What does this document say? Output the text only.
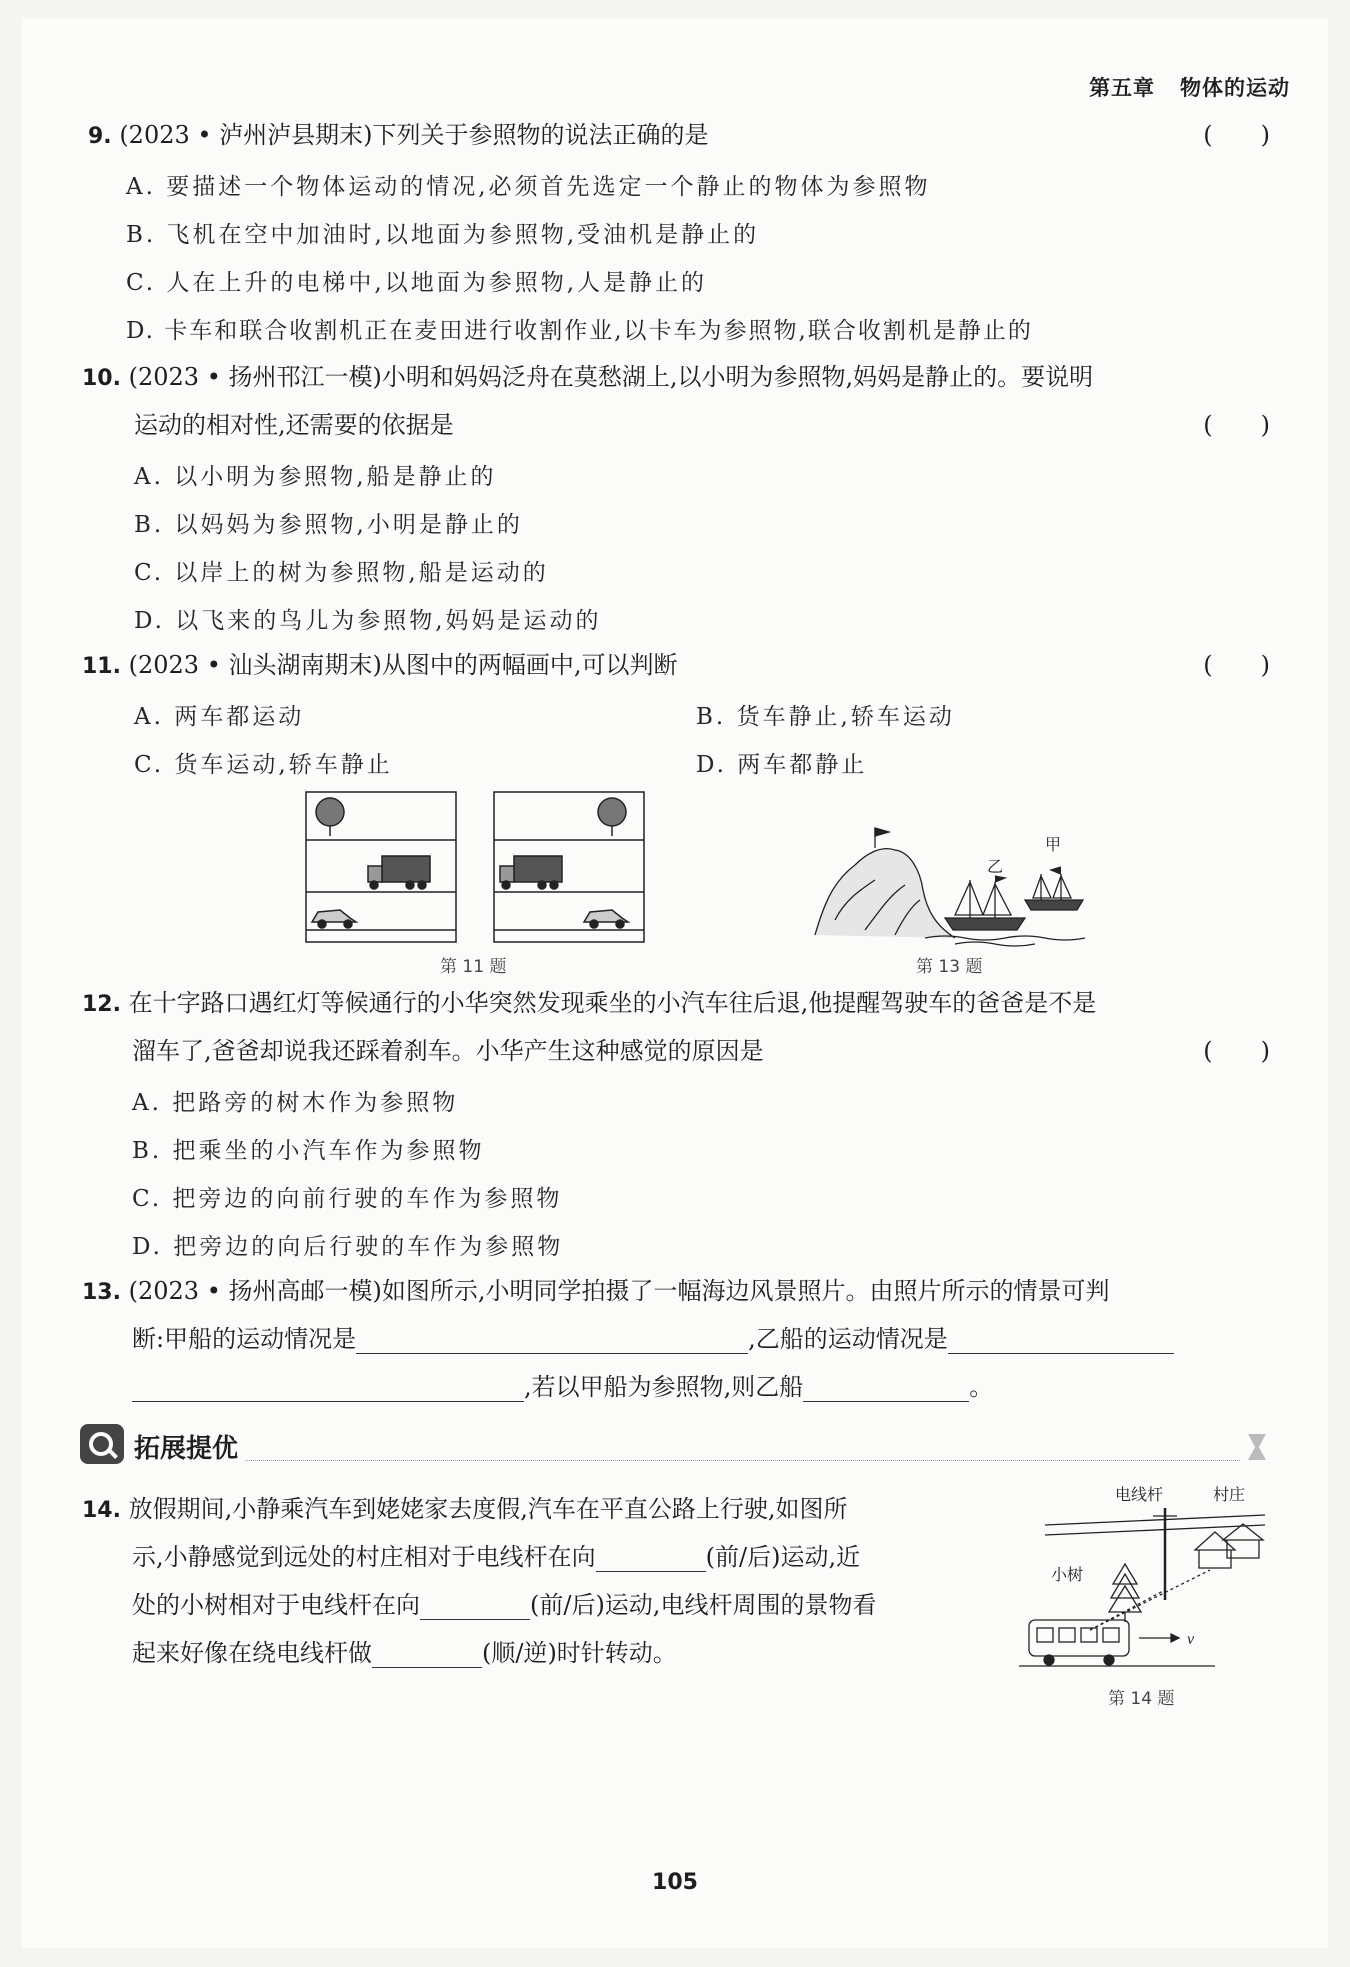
第五章 物体的运动
9. (2023 • 泸州泸县期末)下列关于参照物的说法正确的是	(　　)
A. 要描述一个物体运动的情况,必须首先选定一个静止的物体为参照物
B. 飞机在空中加油时,以地面为参照物,受油机是静止的
C. 人在上升的电梯中,以地面为参照物,人是静止的
D. 卡车和联合收割机正在麦田进行收割作业,以卡车为参照物,联合收割机是静止的
10. (2023 • 扬州邗江一模)小明和妈妈泛舟在莫愁湖上,以小明为参照物,妈妈是静止的。要说明
运动的相对性,还需要的依据是	(　　)
A. 以小明为参照物,船是静止的
B. 以妈妈为参照物,小明是静止的
C. 以岸上的树为参照物,船是运动的
D. 以飞来的鸟儿为参照物,妈妈是运动的
11. (2023 • 汕头湖南期末)从图中的两幅画中,可以判断	(　　)
A. 两车都运动	B. 货车静止,轿车运动
C. 货车运动,轿车静止	D. 两车都静止
第 11 题
乙
甲
第 13 题
12. 在十字路口遇红灯等候通行的小华突然发现乘坐的小汽车往后退,他提醒驾驶车的爸爸是不是
溜车了,爸爸却说我还踩着刹车。小华产生这种感觉的原因是	(　　)
A. 把路旁的树木作为参照物
B. 把乘坐的小汽车作为参照物
C. 把旁边的向前行驶的车作为参照物
D. 把旁边的向后行驶的车作为参照物
13. (2023 • 扬州高邮一模)如图所示,小明同学拍摄了一幅海边风景照片。由照片所示的情景可判
断:甲船的运动情况是	,乙船的运动情况是
,若以甲船为参照物,则乙船	。
拓展提优
14. 放假期间,小静乘汽车到姥姥家去度假,汽车在平直公路上行驶,如图所
示,小静感觉到远处的村庄相对于电线杆在向	(前/后)运动,近
处的小树相对于电线杆在向	(前/后)运动,电线杆周围的景物看
起来好像在绕电线杆做	(顺/逆)时针转动。
电线杆	村庄
小树
v
第 14 题
105
